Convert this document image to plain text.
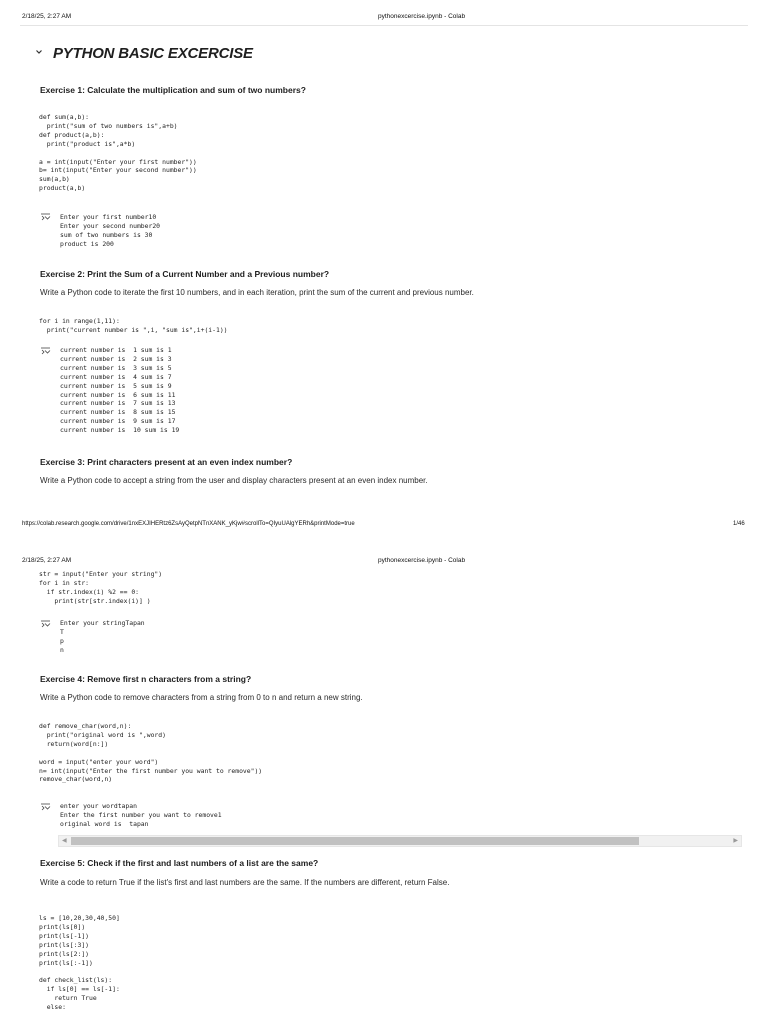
2/18/25, 2:27 AM	pythonexcercise.ipynb - Colab
PYTHON BASIC EXCERCISE
Exercise 1: Calculate the multiplication and sum of two numbers?
def sum(a,b):
print("sum of two numbers is",a+b)
def product(a,b):
print("product is",a*b)

a = int(input("Enter your first number"))
b= int(input("Enter your second number"))
sum(a,b)
product(a,b)
Enter your first number10
Enter your second number20
sum of two numbers is 30
product is 200
Exercise 2: Print the Sum of a Current Number and a Previous number?
Write a Python code to iterate the first 10 numbers, and in each iteration, print the sum of the current and previous number.
for i in range(1,11):
print("current number is ",i, "sum is",i+(i-1))
current number is  1 sum is 1
current number is  2 sum is 3
current number is  3 sum is 5
current number is  4 sum is 7
current number is  5 sum is 9
current number is  6 sum is 11
current number is  7 sum is 13
current number is  8 sum is 15
current number is  9 sum is 17
current number is  10 sum is 19
Exercise 3: Print characters present at an even index number?
Write a Python code to accept a string from the user and display characters present at an even index number.
https://colab.research.google.com/drive/1nxEXJIHERtz6ZsAyQetpNTnXANK_yKjw#scrollTo=QIyuUAlgYERh&printMode=true	1/46
2/18/25, 2:27 AM	pythonexcercise.ipynb - Colab
str = input("Enter your string")
for i in str:
if str.index(i) %2 == 0:
print(str[str.index(i)] )
Enter your stringTapan
T
p
n
Exercise 4: Remove first n characters from a string?
Write a Python code to remove characters from a string from 0 to n and return a new string.
def remove_char(word,n):
print("original word is ",word)
return(word[n:])

word = input("enter your word")
n= int(input("Enter the first number you want to remove"))
remove_char(word,n)
enter your wordtapan
Enter the first number you want to remove1
original word is  tapan
◀	▶
Exercise 5: Check if the first and last numbers of a list are the same?
Write a code to return True if the list's first and last numbers are the same. If the numbers are different, return False.
ls = [10,20,30,40,50]
print(ls[0])
print(ls[-1])
print(ls[:3])
print(ls[2:])
print(ls[:-1])

def check_list(ls):
if ls[0] == ls[-1]:
return True
else:
